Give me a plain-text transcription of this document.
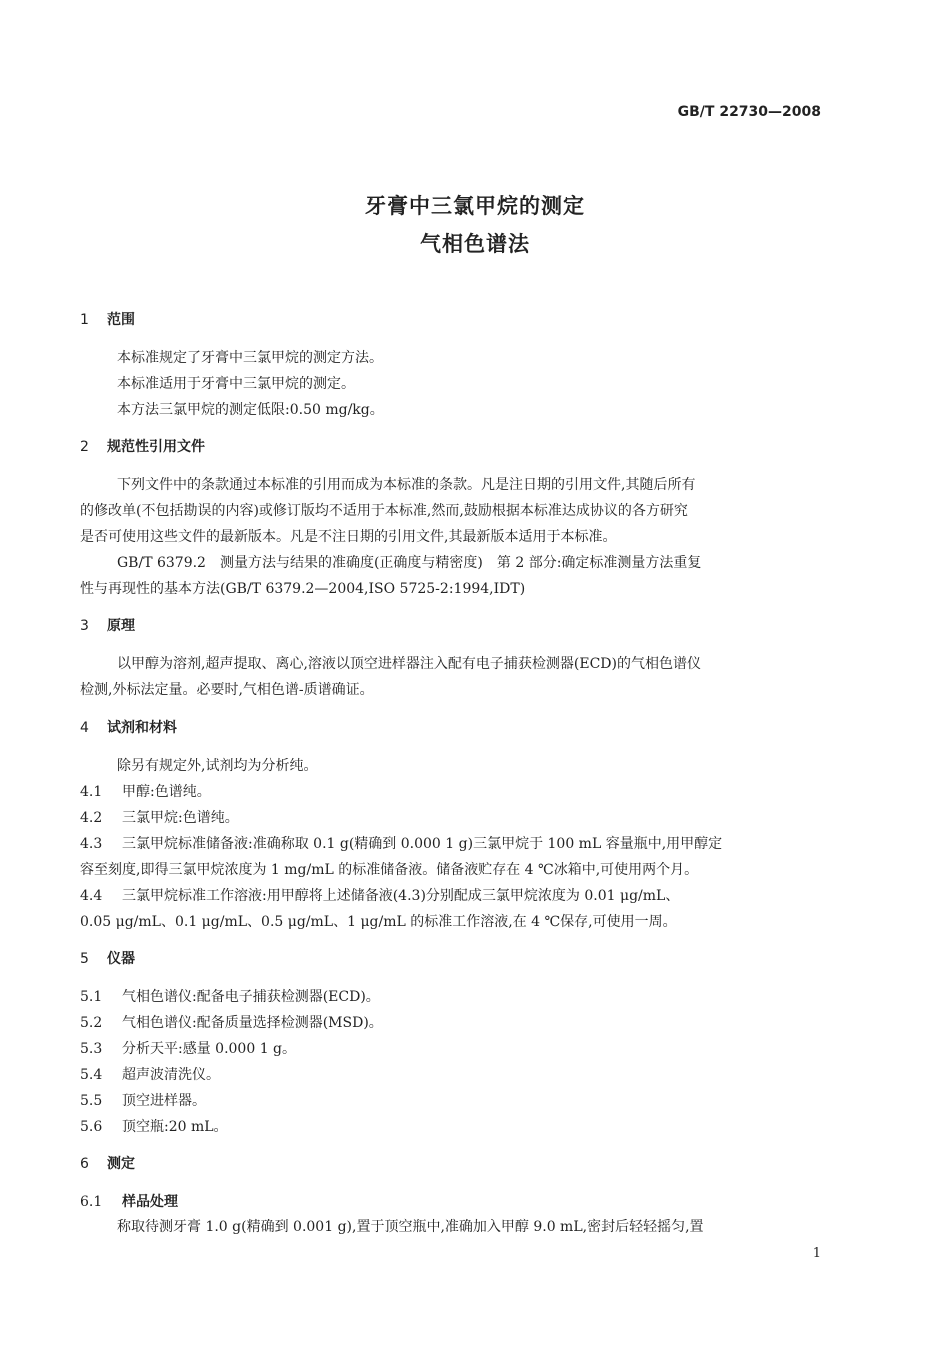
GB/T 22730—2008
牙膏中三氯甲烷的测定
气相色谱法
1 范围
本标准规定了牙膏中三氯甲烷的测定方法。
本标准适用于牙膏中三氯甲烷的测定。
本方法三氯甲烷的测定低限:0.50 mg/kg。
2 规范性引用文件
下列文件中的条款通过本标准的引用而成为本标准的条款。凡是注日期的引用文件,其随后所有
的修改单(不包括勘误的内容)或修订版均不适用于本标准,然而,鼓励根据本标准达成协议的各方研究
是否可使用这些文件的最新版本。凡是不注日期的引用文件,其最新版本适用于本标准。
GB/T 6379.2　测量方法与结果的准确度(正确度与精密度)　第 2 部分:确定标准测量方法重复
性与再现性的基本方法(GB/T 6379.2—2004,ISO 5725-2:1994,IDT)
3 原理
以甲醇为溶剂,超声提取、离心,溶液以顶空进样器注入配有电子捕获检测器(ECD)的气相色谱仪
检测,外标法定量。必要时,气相色谱-质谱确证。
4 试剂和材料
除另有规定外,试剂均为分析纯。
4.1 甲醇:色谱纯。
4.2 三氯甲烷:色谱纯。
4.3 三氯甲烷标准储备液:准确称取 0.1 g(精确到 0.000 1 g)三氯甲烷于 100 mL 容量瓶中,用甲醇定
容至刻度,即得三氯甲烷浓度为 1 mg/mL 的标准储备液。储备液贮存在 4 ℃冰箱中,可使用两个月。
4.4 三氯甲烷标准工作溶液:用甲醇将上述储备液(4.3)分别配成三氯甲烷浓度为 0.01 μg/mL、
0.05 μg/mL、0.1 μg/mL、0.5 μg/mL、1 μg/mL 的标准工作溶液,在 4 ℃保存,可使用一周。
5 仪器
5.1 气相色谱仪:配备电子捕获检测器(ECD)。
5.2 气相色谱仪:配备质量选择检测器(MSD)。
5.3 分析天平:感量 0.000 1 g。
5.4 超声波清洗仪。
5.5 顶空进样器。
5.6 顶空瓶:20 mL。
6 测定
6.1 样品处理
称取待测牙膏 1.0 g(精确到 0.001 g),置于顶空瓶中,准确加入甲醇 9.0 mL,密封后轻轻摇匀,置
1
